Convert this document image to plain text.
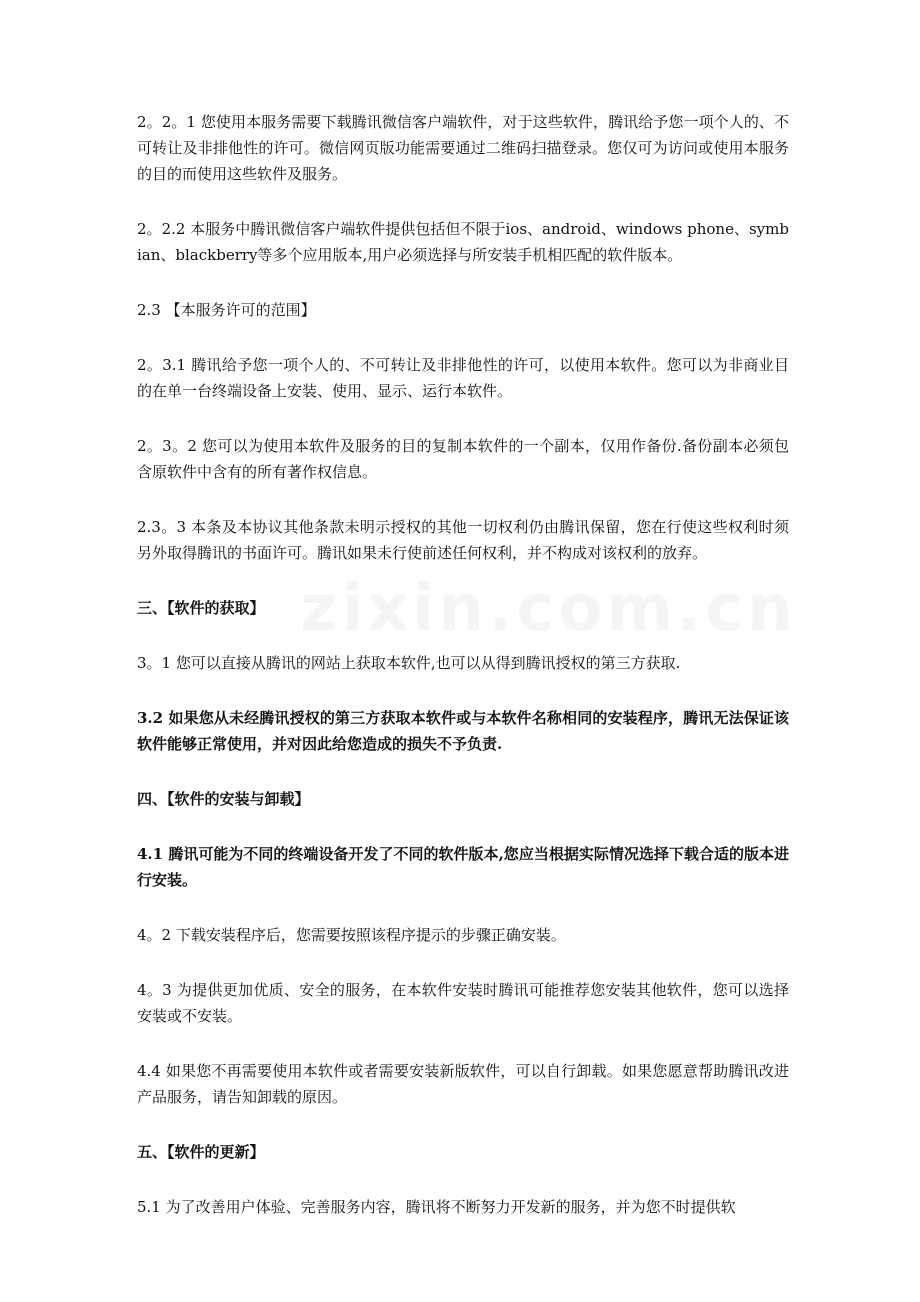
zixin.com.cn

2。2。1 您使用本服务需要下载腾讯微信客户端软件，对于这些软件，腾讯给予您一项个人的、不可转让及非排他性的许可。微信网页版功能需要通过二维码扫描登录。您仅可为访问或使用本服务的目的而使用这些软件及服务。

2。2.2 本服务中腾讯微信客户端软件提供包括但不限于ios、android、windows phone、symbian、blackberry等多个应用版本,用户必须选择与所安装手机相匹配的软件版本。

2.3 【本服务许可的范围】

2。3.1 腾讯给予您一项个人的、不可转让及非排他性的许可，以使用本软件。您可以为非商业目的在单一台终端设备上安装、使用、显示、运行本软件。

2。3。2 您可以为使用本软件及服务的目的复制本软件的一个副本，仅用作备份.备份副本必须包含原软件中含有的所有著作权信息。

2.3。3 本条及本协议其他条款未明示授权的其他一切权利仍由腾讯保留，您在行使这些权利时须另外取得腾讯的书面许可。腾讯如果未行使前述任何权利，并不构成对该权利的放弃。

三、【软件的获取】

3。1 您可以直接从腾讯的网站上获取本软件,也可以从得到腾讯授权的第三方获取.

3.2 如果您从未经腾讯授权的第三方获取本软件或与本软件名称相同的安装程序，腾讯无法保证该软件能够正常使用，并对因此给您造成的损失不予负责.

四、【软件的安装与卸载】

4.1 腾讯可能为不同的终端设备开发了不同的软件版本,您应当根据实际情况选择下载合适的版本进行安装。

4。2 下载安装程序后，您需要按照该程序提示的步骤正确安装。

4。3 为提供更加优质、安全的服务，在本软件安装时腾讯可能推荐您安装其他软件，您可以选择安装或不安装。

4.4 如果您不再需要使用本软件或者需要安装新版软件，可以自行卸载。如果您愿意帮助腾讯改进产品服务，请告知卸载的原因。

五、【软件的更新】

5.1 为了改善用户体验、完善服务内容，腾讯将不断努力开发新的服务，并为您不时提供软
